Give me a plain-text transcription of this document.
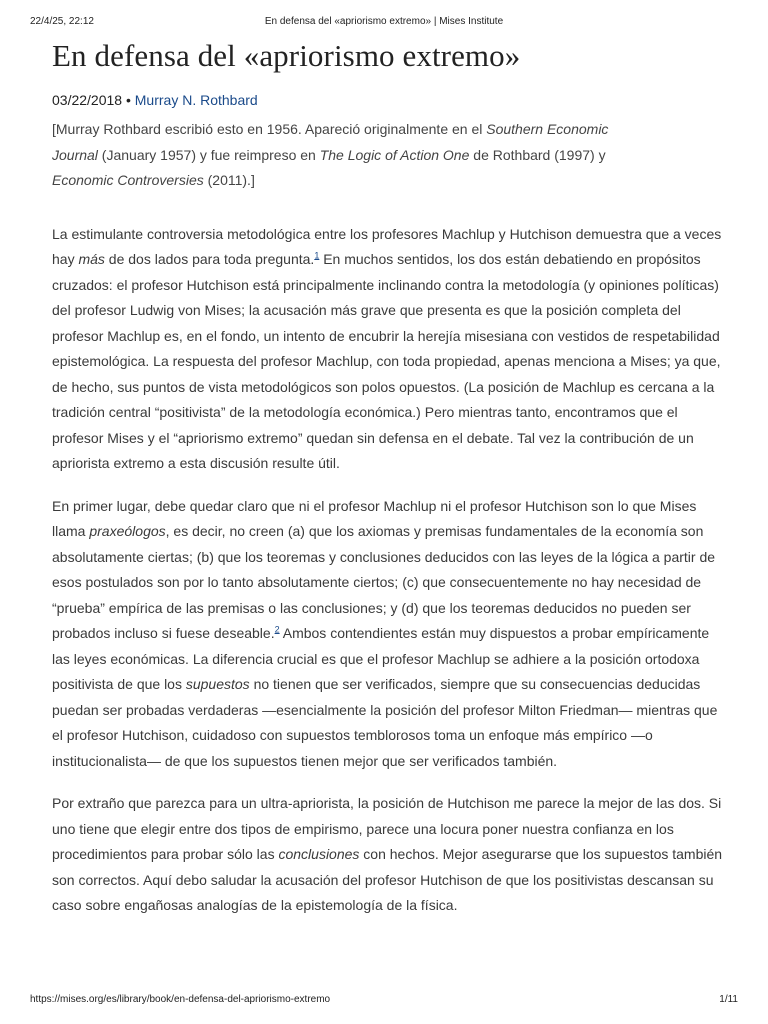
22/4/25, 22:12	En defensa del «apriorismo extremo» | Mises Institute
En defensa del «apriorismo extremo»
03/22/2018 • Murray N. Rothbard
[Murray Rothbard escribió esto en 1956. Apareció originalmente en el Southern Economic Journal (January 1957) y fue reimpreso en The Logic of Action One de Rothbard (1997) y Economic Controversies (2011).]

La estimulante controversia metodológica entre los profesores Machlup y Hutchison demuestra que a veces hay más de dos lados para toda pregunta.$^1$ En muchos sentidos, los dos están debatiendo en propósitos cruzados: el profesor Hutchison está principalmente inclinando contra la metodología (y opiniones políticas) del profesor Ludwig von Mises; la acusación más grave que presenta es que la posición completa del profesor Machlup es, en el fondo, un intento de encubrir la herejía misesiana con vestidos de respetabilidad epistemológica. La respuesta del profesor Machlup, con toda propiedad, apenas menciona a Mises; ya que, de hecho, sus puntos de vista metodológicos son polos opuestos. (La posición de Machlup es cercana a la tradición central “positivista” de la metodología económica.) Pero mientras tanto, encontramos que el profesor Mises y el “apriorismo extremo” quedan sin defensa en el debate. Tal vez la contribución de un apriorista extremo a esta discusión resulte útil.

En primer lugar, debe quedar claro que ni el profesor Machlup ni el profesor Hutchison son lo que Mises llama praxeólogos, es decir, no creen (a) que los axiomas y premisas fundamentales de la economía son absolutamente ciertas; (b) que los teoremas y conclusiones deducidos con las leyes de la lógica a partir de esos postulados son por lo tanto absolutamente ciertos; (c) que consecuentemente no hay necesidad de “prueba” empírica de las premisas o las conclusiones; y (d) que los teoremas deducidos no pueden ser probados incluso si fuese deseable.$^2$ Ambos contendientes están muy dispuestos a probar empíricamente las leyes económicas. La diferencia crucial es que el profesor Machlup se adhiere a la posición ortodoxa positivista de que los supuestos no tienen que ser verificados, siempre que su consecuencias deducidas puedan ser probadas verdaderas —esencialmente la posición del profesor Milton Friedman— mientras que el profesor Hutchison, cuidadoso con supuestos temblorosos toma un enfoque más empírico —o institucionalista— de que los supuestos tienen mejor que ser verificados también.

Por extraño que parezca para un ultra-apriorista, la posición de Hutchison me parece la mejor de las dos. Si uno tiene que elegir entre dos tipos de empirismo, parece una locura poner nuestra confianza en los procedimientos para probar sólo las conclusiones con hechos. Mejor asegurarse que los supuestos también son correctos. Aquí debo saludar la acusación del profesor Hutchison de que los positivistas descansan su caso sobre engañosas analogías de la epistemología de la física.

https://mises.org/es/library/book/en-defensa-del-apriorismo-extremo	1/11
